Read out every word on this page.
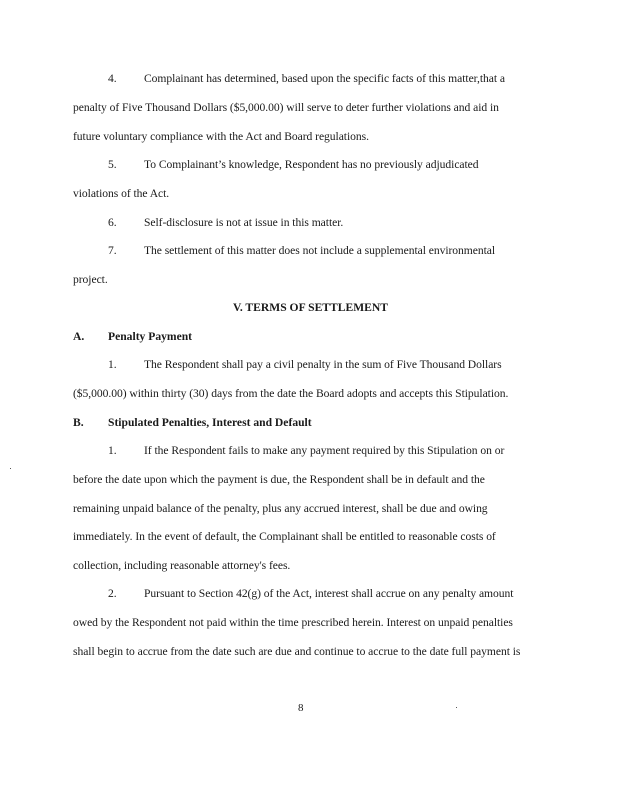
4. Complainant has determined, based upon the specific facts of this matter,that a
penalty of Five Thousand Dollars ($5,000.00) will serve to deter further violations and aid in
future voluntary compliance with the Act and Board regulations.
5. To Complainant’s knowledge, Respondent has no previously adjudicated
violations of the Act.
6. Self-disclosure is not at issue in this matter.
7. The settlement of this matter does not include a supplemental environmental
project.
V. TERMS OF SETTLEMENT
A. Penalty Payment
1. The Respondent shall pay a civil penalty in the sum of Five Thousand Dollars
($5,000.00) within thirty (30) days from the date the Board adopts and accepts this Stipulation.
B. Stipulated Penalties, Interest and Default
1. If the Respondent fails to make any payment required by this Stipulation on or
before the date upon which the payment is due, the Respondent shall be in default and the
remaining unpaid balance of the penalty, plus any accrued interest, shall be due and owing
immediately. In the event of default, the Complainant shall be entitled to reasonable costs of
collection, including reasonable attorney's fees.
2. Pursuant to Section 42(g) of the Act, interest shall accrue on any penalty amount
owed by the Respondent not paid within the time prescribed herein. Interest on unpaid penalties
shall begin to accrue from the date such are due and continue to accrue to the date full payment is
8
